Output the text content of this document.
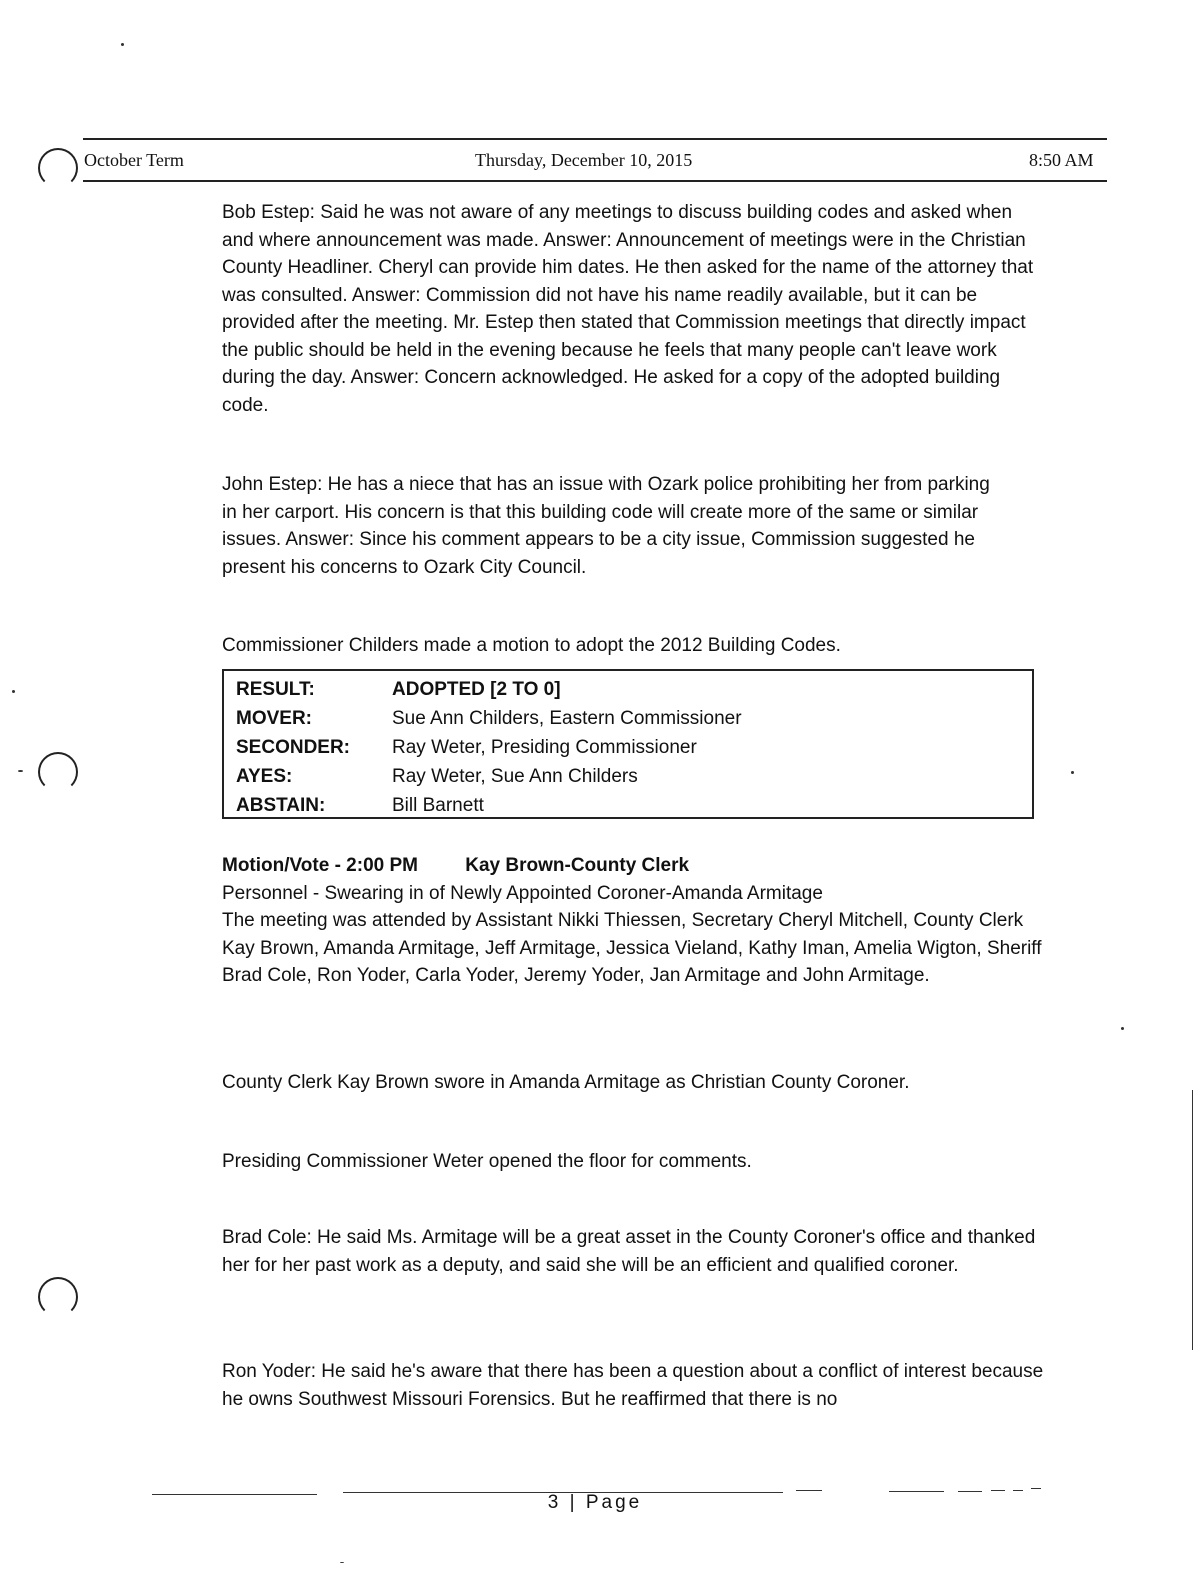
October Term	Thursday, December 10, 2015	8:50 AM

Bob Estep: Said he was not aware of any meetings to discuss building codes and asked when and where announcement was made. Answer: Announcement of meetings were in the Christian County Headliner. Cheryl can provide him dates. He then asked for the name of the attorney that was consulted. Answer: Commission did not have his name readily available, but it can be provided after the meeting. Mr. Estep then stated that Commission meetings that directly impact the public should be held in the evening because he feels that many people can't leave work during the day. Answer: Concern acknowledged. He asked for a copy of the adopted building code.

John Estep: He has a niece that has an issue with Ozark police prohibiting her from parking in her carport. His concern is that this building code will create more of the same or similar issues. Answer: Since his comment appears to be a city issue, Commission suggested he present his concerns to Ozark City Council.

Commissioner Childers made a motion to adopt the 2012 Building Codes.

RESULT:	ADOPTED [2 TO 0]
MOVER:	Sue Ann Childers, Eastern Commissioner
SECONDER: Ray Weter, Presiding Commissioner
AYES:	Ray Weter, Sue Ann Childers
ABSTAIN:	Bill Barnett
Motion/Vote - 2:00 PM Kay Brown-County Clerk

Personnel - Swearing in of Newly Appointed Coroner-Amanda Armitage

The meeting was attended by Assistant Nikki Thiessen, Secretary Cheryl Mitchell, County Clerk Kay Brown, Amanda Armitage, Jeff Armitage, Jessica Vieland, Kathy Iman, Amelia Wigton, Sheriff Brad Cole, Ron Yoder, Carla Yoder, Jeremy Yoder, Jan Armitage and John Armitage.

County Clerk Kay Brown swore in Amanda Armitage as Christian County Coroner.

Presiding Commissioner Weter opened the floor for comments.

Brad Cole: He said Ms. Armitage will be a great asset in the County Coroner's office and thanked her for her past work as a deputy, and said she will be an efficient and qualified coroner.

Ron Yoder: He said he's aware that there has been a question about a conflict of interest because he owns Southwest Missouri Forensics. But he reaffirmed that there is no

3 | Page
